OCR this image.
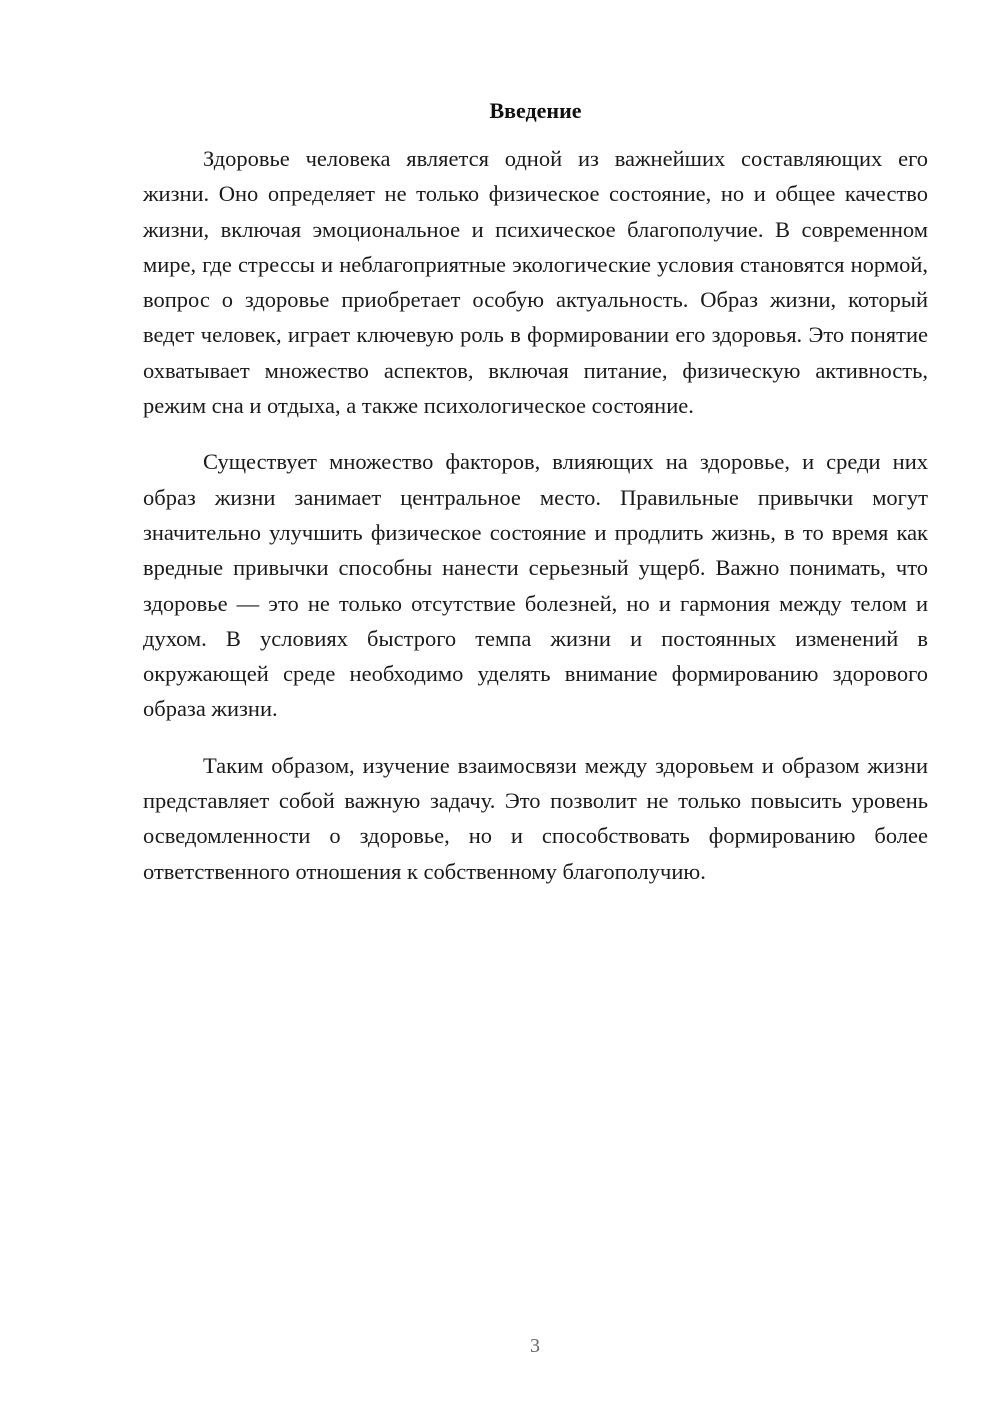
Введение

Здоровье человека является одной из важнейших составляющих его жизни. Оно определяет не только физическое состояние, но и общее качество жизни, включая эмоциональное и психическое благополучие. В современном мире, где стрессы и неблагоприятные экологические условия становятся нормой, вопрос о здоровье приобретает особую актуальность. Образ жизни, который ведет человек, играет ключевую роль в формировании его здоровья. Это понятие охватывает множество аспектов, включая питание, физическую активность, режим сна и отдыха, а также психологическое состояние.

Существует множество факторов, влияющих на здоровье, и среди них образ жизни занимает центральное место. Правильные привычки могут значительно улучшить физическое состояние и продлить жизнь, в то время как вредные привычки способны нанести серьезный ущерб. Важно понимать, что здоровье — это не только отсутствие болезней, но и гармония между телом и духом. В условиях быстрого темпа жизни и постоянных изменений в окружающей среде необходимо уделять внимание формированию здорового образа жизни.

Таким образом, изучение взаимосвязи между здоровьем и образом жизни представляет собой важную задачу. Это позволит не только повысить уровень осведомленности о здоровье, но и способствовать формированию более ответственного отношения к собственному благополучию.

3
